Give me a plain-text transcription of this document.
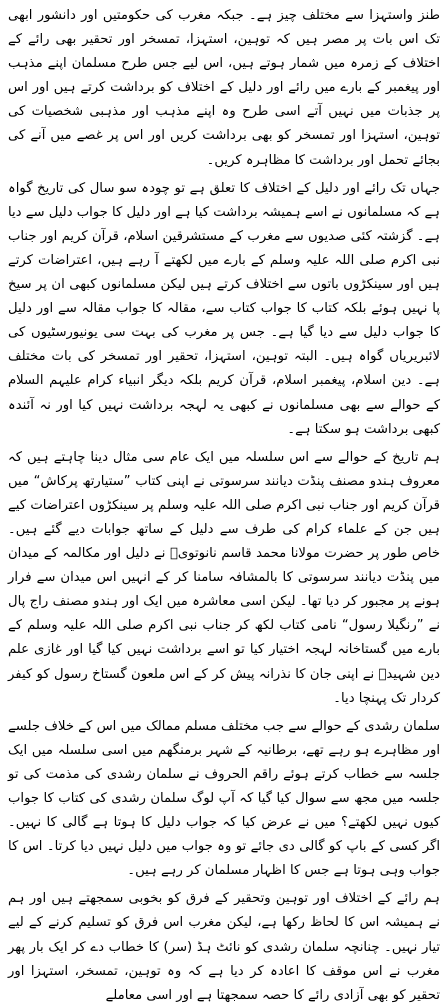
طنز واستہزا سے مختلف چیز ہے۔ جبکہ مغرب کی حکومتیں اور دانشور ابھی تک اس بات پر مصر ہیں کہ توہین، استہزا، تمسخر اور تحقیر بھی رائے کے اختلاف کے زمرہ میں شمار ہوتے ہیں، اس لیے جس طرح مسلمان اپنے مذہب اور پیغمبر کے بارے میں رائے اور دلیل کے اختلاف کو برداشت کرتے ہیں اور اس پر جذبات میں نہیں آتے اسی طرح وہ اپنے مذہب اور مذہبی شخصیات کی توہین، استہزا اور تمسخر کو بھی برداشت کریں اور اس پر غصے میں آنے کی بجائے تحمل اور برداشت کا مظاہرہ کریں۔

جہاں تک رائے اور دلیل کے اختلاف کا تعلق ہے تو چودہ سو سال کی تاریخ گواہ ہے کہ مسلمانوں نے اسے ہمیشہ برداشت کیا ہے اور دلیل کا جواب دلیل سے دیا ہے۔ گزشتہ کئی صدیوں سے مغرب کے مستشرقین اسلام، قرآن کریم اور جناب نبی اکرم صلی اللہ علیہ وسلم کے بارے میں لکھتے آ رہے ہیں، اعتراضات کرتے ہیں اور سینکڑوں باتوں سے اختلاف کرتے ہیں لیکن مسلمانوں کبھی ان پر سیخ پا نہیں ہوئے بلکہ کتاب کا جواب کتاب سے، مقالہ کا جواب مقالہ سے اور دلیل کا جواب دلیل سے دیا گیا ہے۔ جس پر مغرب کی بہت سی یونیورسٹیوں کی لائبریریاں گواہ ہیں۔ البتہ توہین، استہزا، تحقیر اور تمسخر کی بات مختلف ہے۔ دین اسلام، پیغمبر اسلام، قرآن کریم بلکہ دیگر انبیاء کرام علیہم السلام کے حوالے سے بھی مسلمانوں نے کبھی یہ لہجہ برداشت نہیں کیا اور نہ آئندہ کبھی برداشت ہو سکتا ہے۔

ہم تاریخ کے حوالے سے اس سلسلہ میں ایک عام سی مثال دینا چاہتے ہیں کہ معروف ہندو مصنف پنڈت دیانند سرسوتی نے اپنی کتاب ”ستیارتھ پرکاش“ میں قرآن کریم اور جناب نبی اکرم صلی اللہ علیہ وسلم پر سینکڑوں اعتراضات کیے ہیں جن کے علماء کرام کی طرف سے دلیل کے ساتھ جوابات دیے گئے ہیں۔ خاص طور پر حضرت مولانا محمد قاسم نانوتویؒ نے دلیل اور مکالمہ کے میدان میں پنڈت دیانند سرسوتی کا بالمشافہ سامنا کر کے انہیں اس میدان سے فرار ہونے پر مجبور کر دیا تھا۔ لیکن اسی معاشرہ میں ایک اور ہندو مصنف راج پال نے ”رنگیلا رسول“ نامی کتاب لکھ کر جناب نبی اکرم صلی اللہ علیہ وسلم کے بارے میں گستاخانہ لہجہ اختیار کیا تو اسے برداشت نہیں کیا گیا اور غازی علم دین شہیدؒ نے اپنی جان کا نذرانہ پیش کر کے اس ملعون گستاخ رسول کو کیفر کردار تک پہنچا دیا۔

سلمان رشدی کے حوالے سے جب مختلف مسلم ممالک میں اس کے خلاف جلسے اور مظاہرے ہو رہے تھے، برطانیہ کے شہر برمنگھم میں اسی سلسلہ میں ایک جلسہ سے خطاب کرتے ہوئے راقم الحروف نے سلمان رشدی کی مذمت کی تو جلسہ میں مجھ سے سوال کیا گیا کہ آپ لوگ سلمان رشدی کی کتاب کا جواب کیوں نہیں لکھتے؟ میں نے عرض کیا کہ جواب دلیل کا ہوتا ہے گالی کا نہیں۔ اگر کسی کے باپ کو گالی دی جائے تو وہ جواب میں دلیل نہیں دیا کرتا۔ اس کا جواب وہی ہوتا ہے جس کا اظہار مسلمان کر رہے ہیں۔

ہم رائے کے اختلاف اور توہین وتحقیر کے فرق کو بخوبی سمجھتے ہیں اور ہم نے ہمیشہ اس کا لحاظ رکھا ہے، لیکن مغرب اس فرق کو تسلیم کرنے کے لیے تیار نہیں۔ چنانچہ سلمان رشدی کو نائٹ ہڈ (سر) کا خطاب دے کر ایک بار پھر مغرب نے اس موقف کا اعادہ کر دیا ہے کہ وہ توہین، تمسخر، استہزا اور تحقیر کو بھی آزادی رائے کا حصہ سمجھتا ہے اور اسی معاملے
